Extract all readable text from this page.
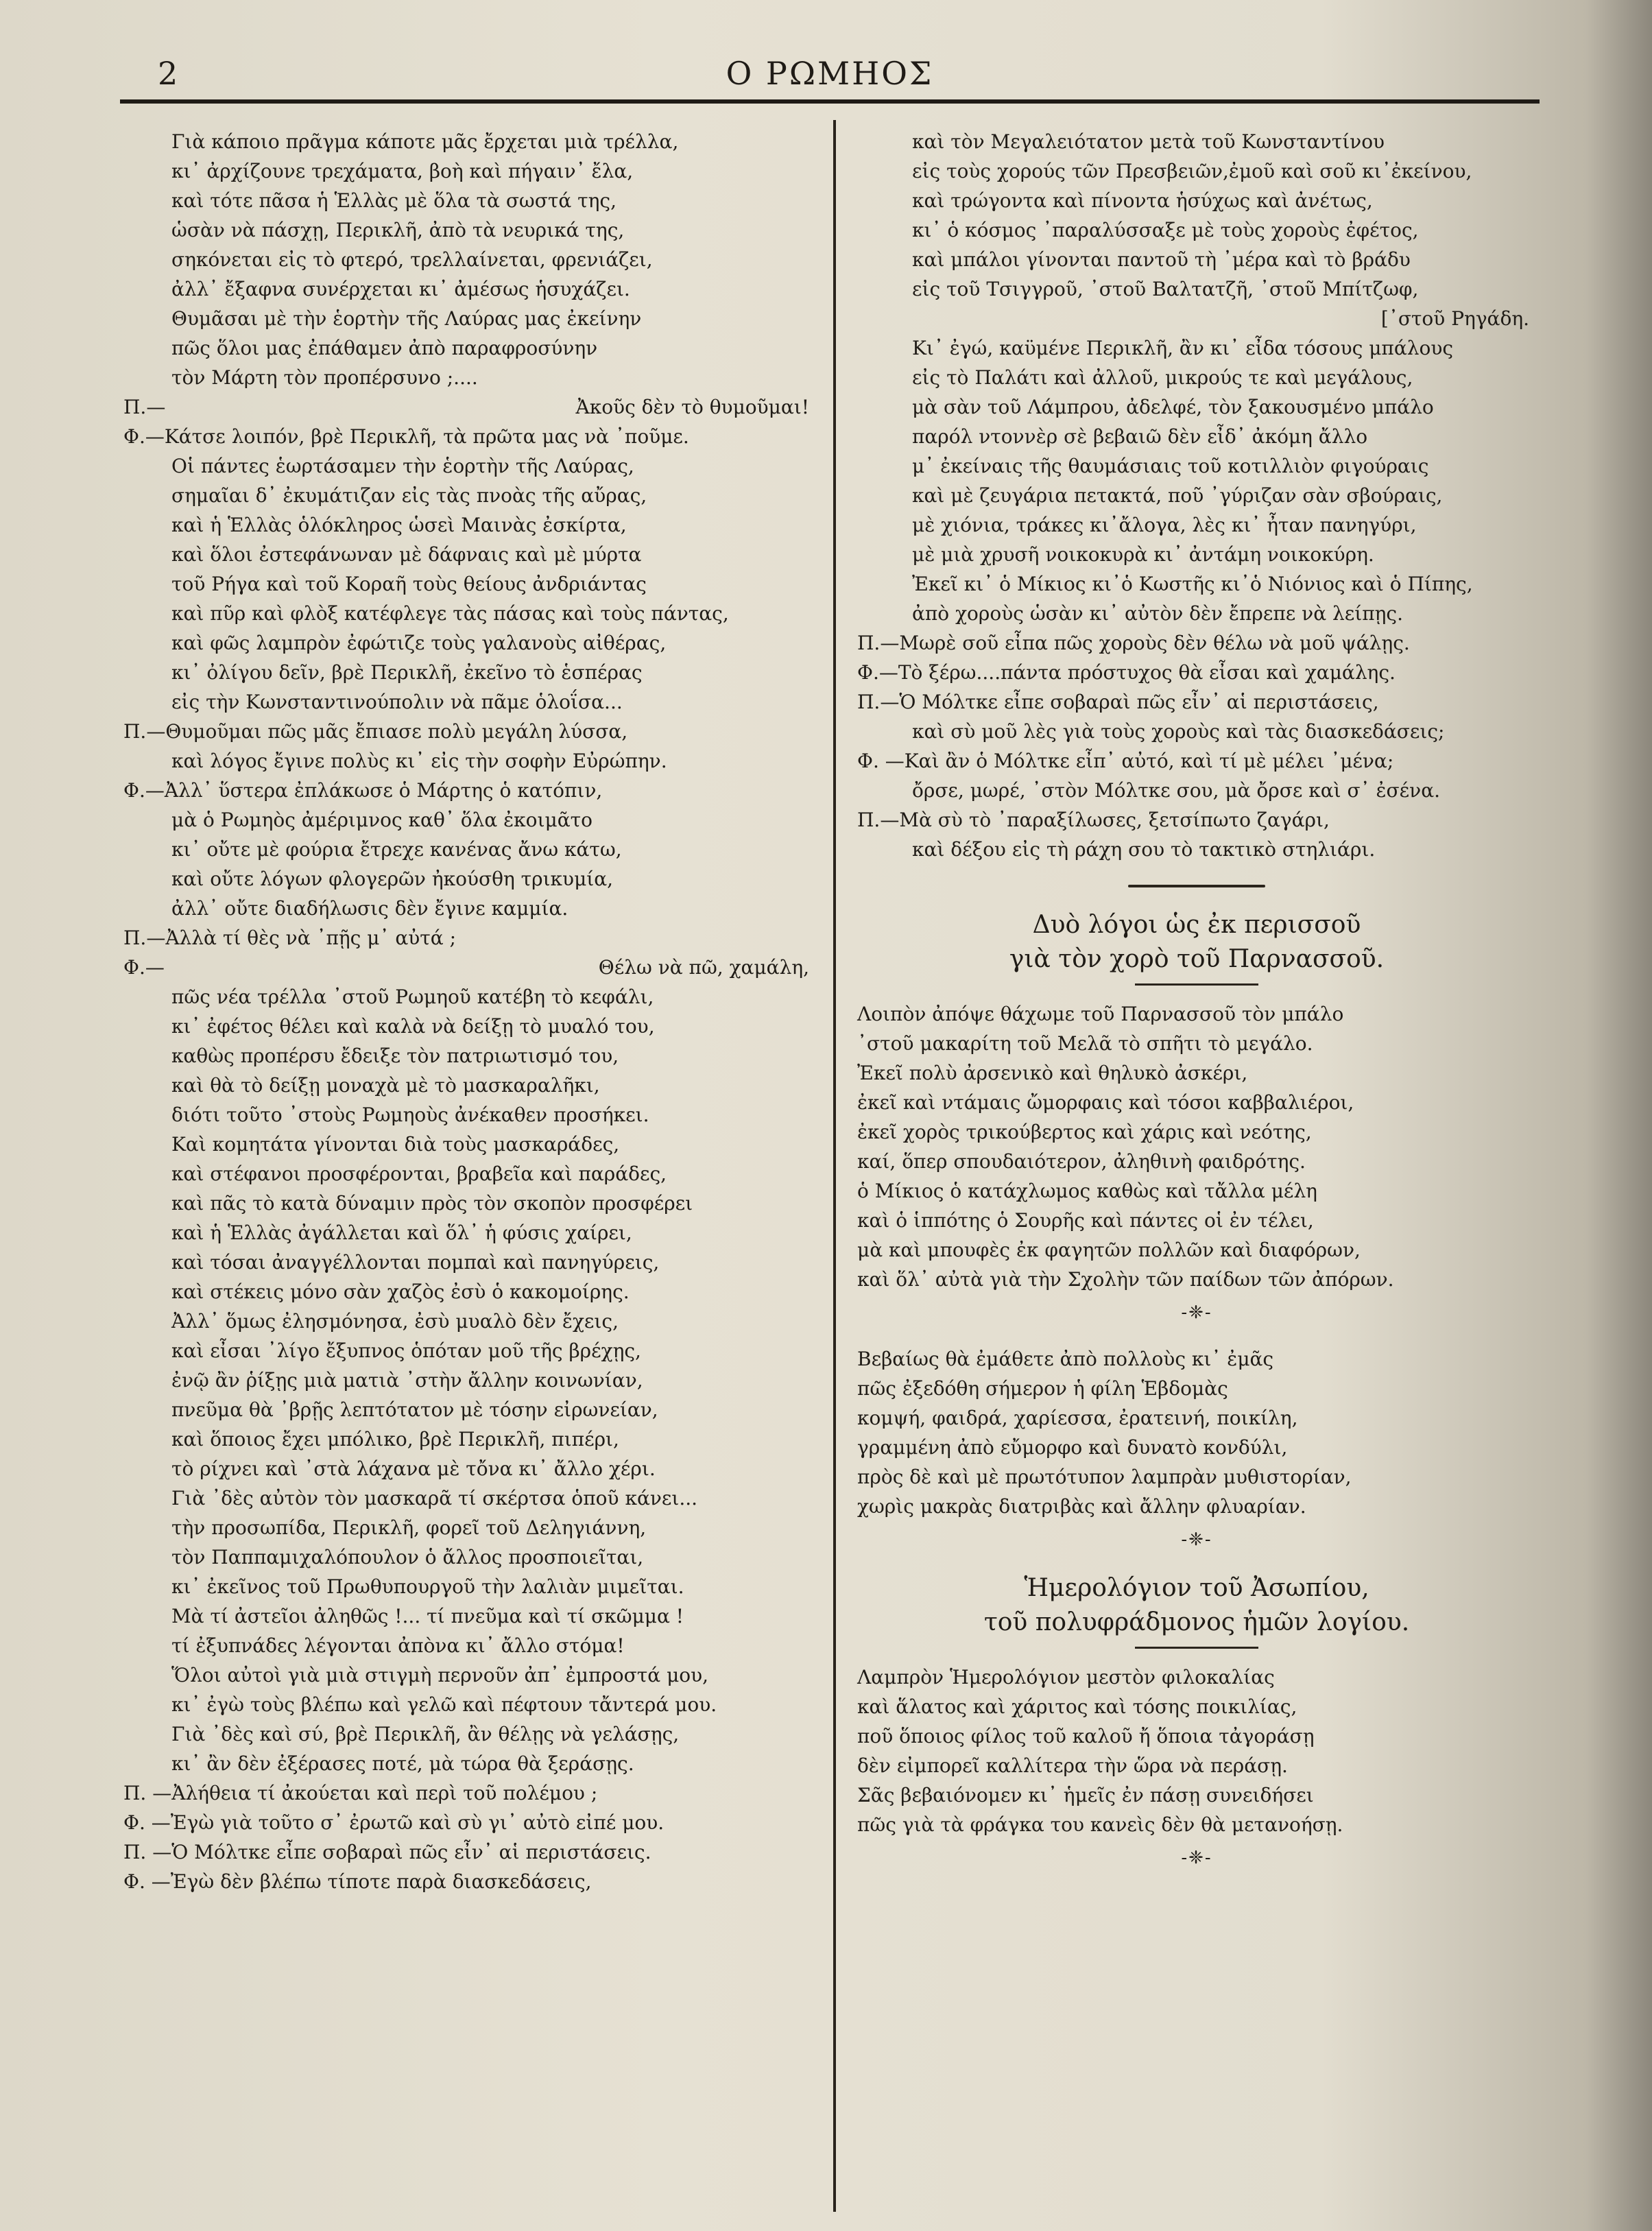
2	Ο ΡΩΜΗΟΣ
Γιὰ κάποιο πρᾶγμα κάποτε μᾶς ἔρχεται μιὰ τρέλλα,
κι᾽ ἀρχίζουνε τρεχάματα, βοὴ καὶ πήγαιν᾽ ἔλα,
καὶ τότε πᾶσα ἡ Ἑλλὰς μὲ ὅλα τὰ σωστά της,
ὡσὰν νὰ πάσχῃ, Περικλῆ, ἀπὸ τὰ νευρικά της,
σηκόνεται εἰς τὸ φτερό, τρελλαίνεται, φρενιάζει,
ἀλλ᾽ ἔξαφνα συνέρχεται κι᾽ ἀμέσως ἡσυχάζει.
Θυμᾶσαι μὲ τὴν ἑορτὴν τῆς Λαύρας μας ἐκείνην
πῶς ὅλοι μας ἐπάθαμεν ἀπὸ παραφροσύνην
τὸν Μάρτη τὸν προπέρσυνο ;....
Π.—	Ἀκοῦς δὲν τὸ θυμοῦμαι!
Φ.—Κάτσε λοιπόν, βρὲ Περικλῆ, τὰ πρῶτα μας νὰ ᾽ποῦμε.
Οἱ πάντες ἑωρτάσαμεν τὴν ἑορτὴν τῆς Λαύρας,
σημαῖαι δ᾽ ἐκυμάτιζαν εἰς τὰς πνοὰς τῆς αὔρας,
καὶ ἡ Ἑλλὰς ὁλόκληρος ὡσεὶ Μαινὰς ἐσκίρτα,
καὶ ὅλοι ἐστεφάνωναν μὲ δάφναις καὶ μὲ μύρτα
τοῦ Ρήγα καὶ τοῦ Κοραῆ τοὺς θείους ἀνδριάντας
καὶ πῦρ καὶ φλὸξ κατέφλεγε τὰς πάσας καὶ τοὺς πάντας,
καὶ φῶς λαμπρὸν ἐφώτιζε τοὺς γαλανοὺς αἰθέρας,
κι᾽ ὀλίγου δεῖν, βρὲ Περικλῆ, ἐκεῖνο τὸ ἑσπέρας
εἰς τὴν Κωνσταντινούπολιν νὰ πᾶμε ὁλοΐσα...
Π.—Θυμοῦμαι πῶς μᾶς ἔπιασε πολὺ μεγάλη λύσσα,
καὶ λόγος ἔγινε πολὺς κι᾽ εἰς τὴν σοφὴν Εὐρώπην.
Φ.—Ἀλλ᾽ ὕστερα ἐπλάκωσε ὁ Μάρτης ὁ κατόπιν,
μὰ ὁ Ρωμηὸς ἀμέριμνος καθ᾽ ὅλα ἐκοιμᾶτο
κι᾽ οὔτε μὲ φούρια ἔτρεχε κανένας ἄνω κάτω,
καὶ οὔτε λόγων φλογερῶν ἠκούσθη τρικυμία,
ἀλλ᾽ οὔτε διαδήλωσις δὲν ἔγινε καμμία.
Π.—Ἀλλὰ τί θὲς νὰ ᾽πῇς μ᾽ αὐτά ;
Φ.—	Θέλω νὰ πῶ, χαμάλη,
πῶς νέα τρέλλα ᾽στοῦ Ρωμηοῦ κατέβη τὸ κεφάλι,
κι᾽ ἐφέτος θέλει καὶ καλὰ νὰ δείξῃ τὸ μυαλό του,
καθὼς προπέρσυ ἔδειξε τὸν πατριωτισμό του,
καὶ θὰ τὸ δείξῃ μοναχὰ μὲ τὸ μασκαραλῆκι,
διότι τοῦτο ᾽στοὺς Ρωμηοὺς ἀνέκαθεν προσήκει.
Καὶ κομητάτα γίνονται διὰ τοὺς μασκαράδες,
καὶ στέφανοι προσφέρονται, βραβεῖα καὶ παράδες,
καὶ πᾶς τὸ κατὰ δύναμιν πρὸς τὸν σκοπὸν προσφέρει
καὶ ἡ Ἑλλὰς ἀγάλλεται καὶ ὅλ᾽ ἡ φύσις χαίρει,
καὶ τόσαι ἀναγγέλλονται πομπαὶ καὶ πανηγύρεις,
καὶ στέκεις μόνο σὰν χαζὸς ἐσὺ ὁ κακομοίρης.
Ἀλλ᾽ ὅμως ἐλησμόνησα, ἐσὺ μυαλὸ δὲν ἔχεις,
καὶ εἶσαι ᾽λίγο ἔξυπνος ὁπόταν μοῦ τῆς βρέχῃς,
ἐνῷ ἂν ῥίξῃς μιὰ ματιὰ ᾽στὴν ἄλλην κοινωνίαν,
πνεῦμα θὰ ᾽βρῇς λεπτότατον μὲ τόσην εἰρωνείαν,
καὶ ὅποιος ἔχει μπόλικο, βρὲ Περικλῆ, πιπέρι,
τὸ ρίχνει καὶ ᾽στὰ λάχανα μὲ τὄνα κι᾽ ἄλλο χέρι.
Γιὰ ᾽δὲς αὐτὸν τὸν μασκαρᾶ τί σκέρτσα ὁποῦ κάνει...
τὴν προσωπίδα, Περικλῆ, φορεῖ τοῦ Δεληγιάννη,
τὸν Παππαμιχαλόπουλον ὁ ἄλλος προσποιεῖται,
κι᾽ ἐκεῖνος τοῦ Πρωθυπουργοῦ τὴν λαλιὰν μιμεῖται.
Μὰ τί ἀστεῖοι ἀληθῶς !... τί πνεῦμα καὶ τί σκῶμμα !
τί ἐξυπνάδες λέγονται ἀπὸνα κι᾽ ἄλλο στόμα!
Ὅλοι αὐτοὶ γιὰ μιὰ στιγμὴ περνοῦν ἀπ᾽ ἐμπροστά μου,
κι᾽ ἐγὼ τοὺς βλέπω καὶ γελῶ καὶ πέφτουν τἄντερά μου.
Γιὰ ᾽δὲς καὶ σύ, βρὲ Περικλῆ, ἂν θέλῃς νὰ γελάσῃς,
κι᾽ ἂν δὲν ἐξέρασες ποτέ, μὰ τώρα θὰ ξεράσῃς.
Π. —Ἀλήθεια τί ἀκούεται καὶ περὶ τοῦ πολέμου ;
Φ. —Ἐγὼ γιὰ τοῦτο σ᾽ ἐρωτῶ καὶ σὺ γι᾽ αὐτὸ εἰπέ μου.
Π. —Ὁ Μόλτκε εἶπε σοβαραὶ πῶς εἶν᾽ αἱ περιστάσεις.
Φ. —Ἐγὼ δὲν βλέπω τίποτε παρὰ διασκεδάσεις,
καὶ τὸν Μεγαλειότατον μετὰ τοῦ Κωνσταντίνου
εἰς τοὺς χορούς τῶν Πρεσβειῶν,ἐμοῦ καὶ σοῦ κι᾽ἐκείνου,
καὶ τρώγοντα καὶ πίνοντα ἡσύχως καὶ ἀνέτως,
κι᾽ ὁ κόσμος ᾽παραλύσσαξε μὲ τοὺς χοροὺς ἐφέτος,
καὶ μπάλοι γίνονται παντοῦ τὴ ᾽μέρα καὶ τὸ βράδυ
εἰς τοῦ Τσιγγροῦ, ᾽στοῦ Βαλτατζῆ, ᾽στοῦ Μπίτζωφ,
[᾽στοῦ Ρηγάδη.
Κι᾽ ἐγώ, καϋμένε Περικλῆ, ἂν κι᾽ εἶδα τόσους μπάλους
εἰς τὸ Παλάτι καὶ ἀλλοῦ, μικρούς τε καὶ μεγάλους,
μὰ σὰν τοῦ Λάμπρου, ἀδελφέ, τὸν ξακουσμένο μπάλο
παρόλ ντοννὲρ σὲ βεβαιῶ δὲν εἶδ᾽ ἀκόμη ἄλλο
μ᾽ ἐκείναις τῆς θαυμάσιαις τοῦ κοτιλλιὸν φιγούραις
καὶ μὲ ζευγάρια πετακτά, ποῦ ᾽γύριζαν σὰν σβούραις,
μὲ χιόνια, τράκες κι᾽ἄλογα, λὲς κι᾽ ἦταν πανηγύρι,
μὲ μιὰ χρυσῆ νοικοκυρὰ κι᾽ ἀντάμη νοικοκύρη.
Ἐκεῖ κι᾽ ὁ Μίκιος κι᾽ὁ Κωστῆς κι᾽ὁ Νιόνιος καὶ ὁ Πίπης,
ἀπὸ χοροὺς ὡσὰν κι᾽ αὐτὸν δὲν ἔπρεπε νὰ λείπῃς.
Π.—Μωρὲ σοῦ εἶπα πῶς χοροὺς δὲν θέλω νὰ μοῦ ψάλῃς.
Φ.—Τὸ ξέρω....πάντα πρόστυχος θὰ εἶσαι καὶ χαμάλης.
Π.—Ὁ Μόλτκε εἶπε σοβαραὶ πῶς εἶν᾽ αἱ περιστάσεις,
καὶ σὺ μοῦ λὲς γιὰ τοὺς χοροὺς καὶ τὰς διασκεδάσεις;
Φ. —Καὶ ἂν ὁ Μόλτκε εἶπ᾽ αὐτό, καὶ τί μὲ μέλει ᾽μένα;
ὄρσε, μωρέ, ᾽στὸν Μόλτκε σου, μὰ ὄρσε καὶ σ᾽ ἐσένα.
Π.—Μὰ σὺ τὸ ᾽παραξίλωσες, ξετσίπωτο ζαγάρι,
καὶ δέξου εἰς τὴ ράχη σου τὸ τακτικὸ στηλιάρι.
Δυὸ λόγοι ὡς ἐκ περισσοῦ
γιὰ τὸν χορὸ τοῦ Παρνασσοῦ.
Λοιπὸν ἀπόψε θάχωμε τοῦ Παρνασσοῦ τὸν μπάλο
᾽στοῦ μακαρίτη τοῦ Μελᾶ τὸ σπῆτι τὸ μεγάλο.
Ἐκεῖ πολὺ ἀρσενικὸ καὶ θηλυκὸ ἀσκέρι,
ἐκεῖ καὶ ντάμαις ὤμορφαις καὶ τόσοι καββαλιέροι,
ἐκεῖ χορὸς τρικούβερτος καὶ χάρις καὶ νεότης,
καί, ὅπερ σπουδαιότερον, ἀληθινὴ φαιδρότης.
ὁ Μίκιος ὁ κατάχλωμος καθὼς καὶ τἄλλα μέλη
καὶ ὁ ἱππότης ὁ Σουρῆς καὶ πάντες οἱ ἐν τέλει,
μὰ καὶ μπουφὲς ἐκ φαγητῶν πολλῶν καὶ διαφόρων,
καὶ ὅλ᾽ αὐτὰ γιὰ τὴν Σχολὴν τῶν παίδων τῶν ἀπόρων.
-❈-
Βεβαίως θὰ ἐμάθετε ἀπὸ πολλοὺς κι᾽ ἐμᾶς
πῶς ἐξεδόθη σήμερον ἡ φίλη Ἑβδομὰς
κομψή, φαιδρά, χαρίεσσα, ἐρατεινή, ποικίλη,
γραμμένη ἀπὸ εὔμορφο καὶ δυνατὸ κονδύλι,
πρὸς δὲ καὶ μὲ πρωτότυπον λαμπρὰν μυθιστορίαν,
χωρὶς μακρὰς διατριβὰς καὶ ἄλλην φλυαρίαν.
-❈-
Ἡμερολόγιον τοῦ Ἀσωπίου,
τοῦ πολυφράδμονος ἡμῶν λογίου.
Λαμπρὸν Ἡμερολόγιον μεστὸν φιλοκαλίας
καὶ ἅλατος καὶ χάριτος καὶ τόσης ποικιλίας,
ποῦ ὅποιος φίλος τοῦ καλοῦ ἤ ὅποια τἀγοράσῃ
δὲν εἰμπορεῖ καλλίτερα τὴν ὥρα νὰ περάσῃ.
Σᾶς βεβαιόνομεν κι᾽ ἡμεῖς ἐν πάσῃ συνειδήσει
πῶς γιὰ τὰ φράγκα του κανεὶς δὲν θὰ μετανοήσῃ.
-❈-
